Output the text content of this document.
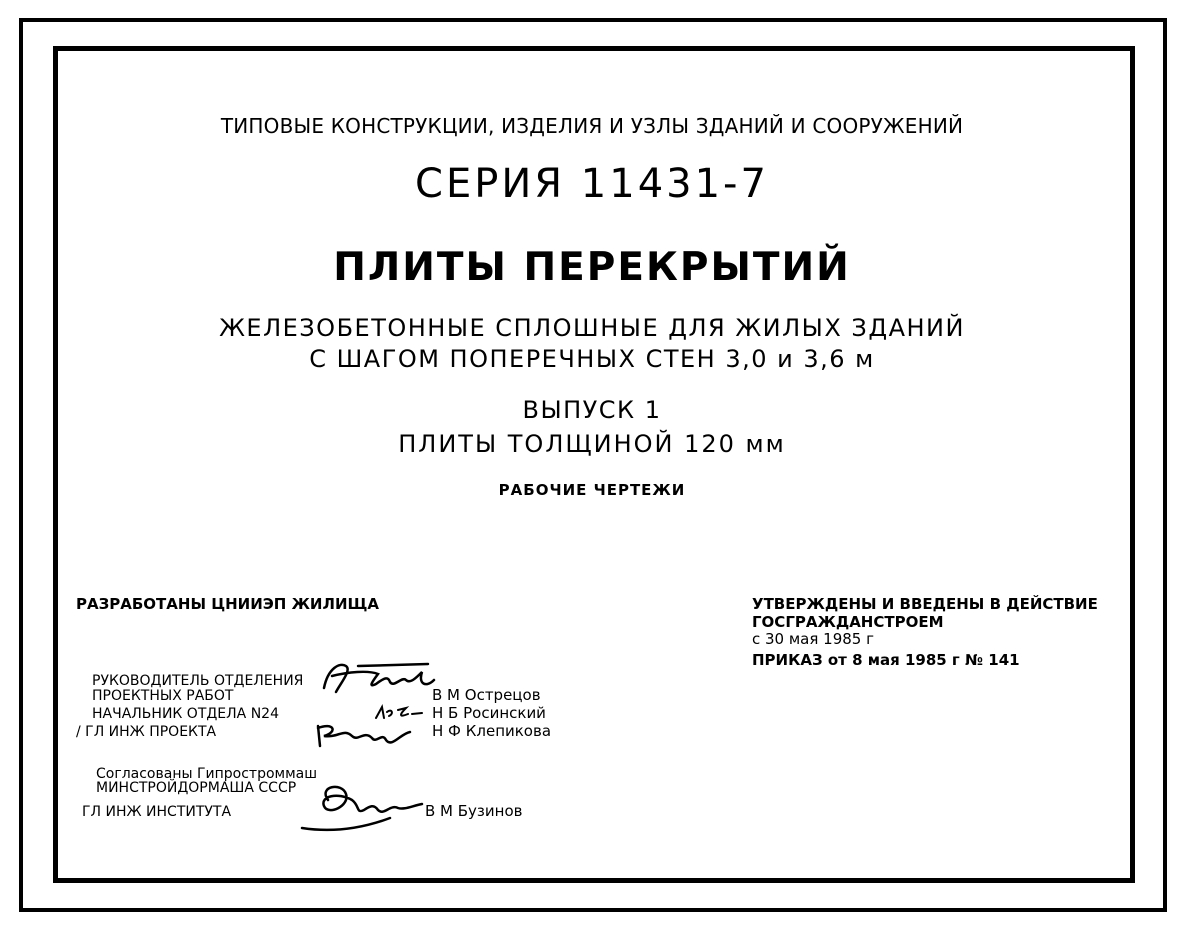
ТИПОВЫЕ КОНСТРУКЦИИ, ИЗДЕЛИЯ И УЗЛЫ ЗДАНИЙ И СООРУЖЕНИЙ
СЕРИЯ 11431-7
ПЛИТЫ ПЕРЕКРЫТИЙ
ЖЕЛЕЗОБЕТОННЫЕ СПЛОШНЫЕ ДЛЯ ЖИЛЫХ ЗДАНИЙ
С ШАГОМ ПОПЕРЕЧНЫХ СТЕН 3,0 и 3,6 м
ВЫПУСК 1
ПЛИТЫ ТОЛЩИНОЙ 120 мм
РАБОЧИЕ ЧЕРТЕЖИ
РАЗРАБОТАНЫ ЦНИИЭП ЖИЛИЩА	УТВЕРЖДЕНЫ И ВВЕДЕНЫ В ДЕЙСТВИЕ
ГОСГРАЖДАНСТРОЕМ
с 30 мая 1985 г
ПРИКАЗ от 8 мая 1985 г № 141
РУКОВОДИТЕЛЬ ОТДЕЛЕНИЯ
ПРОЕКТНЫХ РАБОТ
НАЧАЛЬНИК ОТДЕЛА N24
/ ГЛ ИНЖ ПРОЕКТА
В М Острецов
Н Б Росинский
Н Ф Клепикова
Согласованы Гипростроммаш
МИНСТРОЙДОРМАША СССР
ГЛ ИНЖ ИНСТИТУТА	В М Бузинов
